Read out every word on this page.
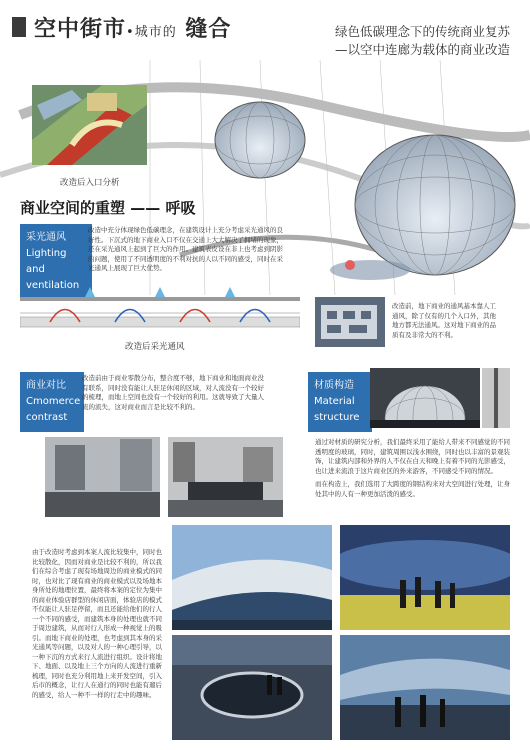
空中街市•城市的 缝合	绿色低碳理念下的传统商业复苏
—以空中连廊为载体的商业改造
改造后入口分析
商业空间的重塑 —— 呼吸
采光通风
Lighting and
ventilation
改造中充分体现绿色低碳理念，在建筑设计上充分考虑采光通风的良好性。下沉式的地下商业入口不仅在交通上大大解决了拥堵的现象，还在采光通风上起到了巨大的作用。建筑表皮设在非上也考虑到阴影的问题，使用了不同透明度的不利对抗的人以不同的感受，同时在采光通风上展现了巨大优势。
改造后采光通风
改造前，地下商业的通风基本靠人工通风，除了仅有的几个入口外，其他地方都无法通风。这对地下商业的品质有及非常大的不利。
商业对比
Cmomerce
contrast
改造前由于商业零散分布，整合度不够，地下商业和地面商业没有联系，同时没有能让人驻足休闲的区域，对人流没有一个较好的梳理，而地上空间也没有一个较好的利用。这就导致了大量人流的流失，这对商业而言是比较不利的。
材质构造
Material
structure
通过对材质的研究分析，我们最终采用了能给人带来不同感觉的不同透明度的玻璃，同时，建筑周围以浅水围绕，同时也以丰富的景观装饰，让建筑内部和外界的人不仅在白天和晚上有着不同的光影感受，也让进来流浪于这片商业区的外来游客，不同感受不同的情况。
而在构造上，我们选用了大跨度的钢结构来对大空间进行处理，让身处其中的人有一种更加活泼的感受。
由于改造时考虑到本案人流比较集中，同时也比较散化，因而对商业是比较不利的，所以我们在综合考虑了现有场地周边的商业模式的同时，也对比了现有商业的商业模式以及场地本身所处的地理位置，最终将本案的定位为集中的商业体验店群型的休闲店面，体验店的模式不仅能让人驻足停留，而且还能给他们的行人一个不同的感受，而建筑本身的处理也就不同于周边建筑，从而对行人形成一种视觉上的吸引。而地下商业的处理，也考虑到其本身的采光通风等问题，以及对人的一种心理引导，以一种下沉的方式来行人流进行组织。设计将地下、地面、以及地上三个方向的人流进行重新梳理，同时也充分利用地上来开发空间，引入后市的概念，让行人在通行的同时也能有遛后的感受，给人一种不一样的行走中的趣味。
